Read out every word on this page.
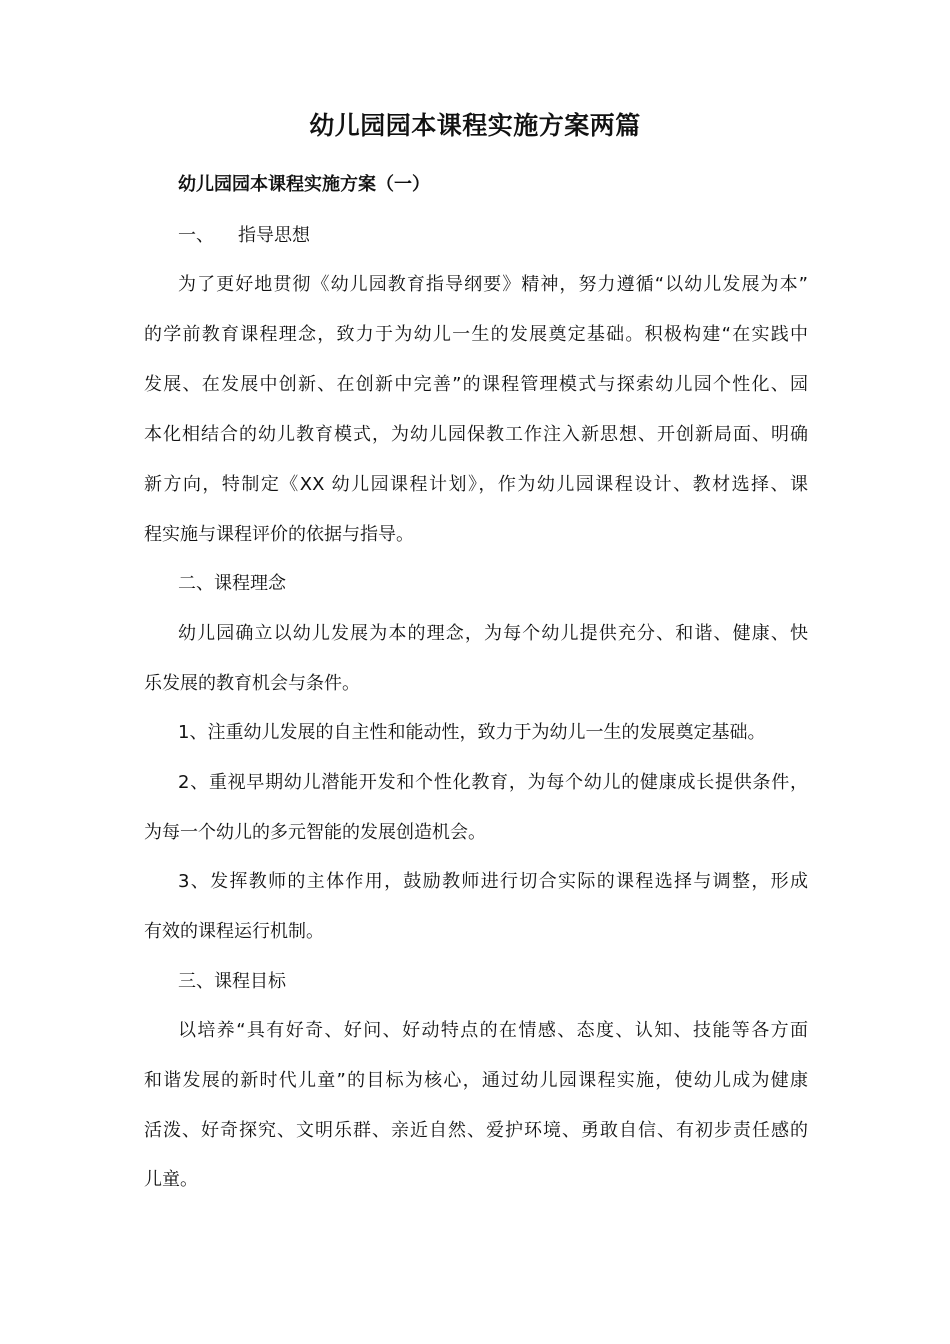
幼儿园园本课程实施方案两篇
幼儿园园本课程实施方案（一）
一、 指导思想
为了更好地贯彻《幼儿园教育指导纲要》精神，努力遵循“以幼儿发展为本”
的学前教育课程理念，致力于为幼儿一生的发展奠定基础。积极构建“在实践中
发展、在发展中创新、在创新中完善”的课程管理模式与探索幼儿园个性化、园
本化相结合的幼儿教育模式，为幼儿园保教工作注入新思想、开创新局面、明确
新方向，特制定《XX 幼儿园课程计划》，作为幼儿园课程设计、教材选择、课
程实施与课程评价的依据与指导。
二、课程理念
幼儿园确立以幼儿发展为本的理念，为每个幼儿提供充分、和谐、健康、快
乐发展的教育机会与条件。
1、注重幼儿发展的自主性和能动性，致力于为幼儿一生的发展奠定基础。
2、重视早期幼儿潜能开发和个性化教育，为每个幼儿的健康成长提供条件，
为每一个幼儿的多元智能的发展创造机会。
3、发挥教师的主体作用，鼓励教师进行切合实际的课程选择与调整，形成
有效的课程运行机制。
三、课程目标
以培养“具有好奇、好问、好动特点的在情感、态度、认知、技能等各方面
和谐发展的新时代儿童”的目标为核心，通过幼儿园课程实施，使幼儿成为健康
活泼、好奇探究、文明乐群、亲近自然、爱护环境、勇敢自信、有初步责任感的
儿童。
